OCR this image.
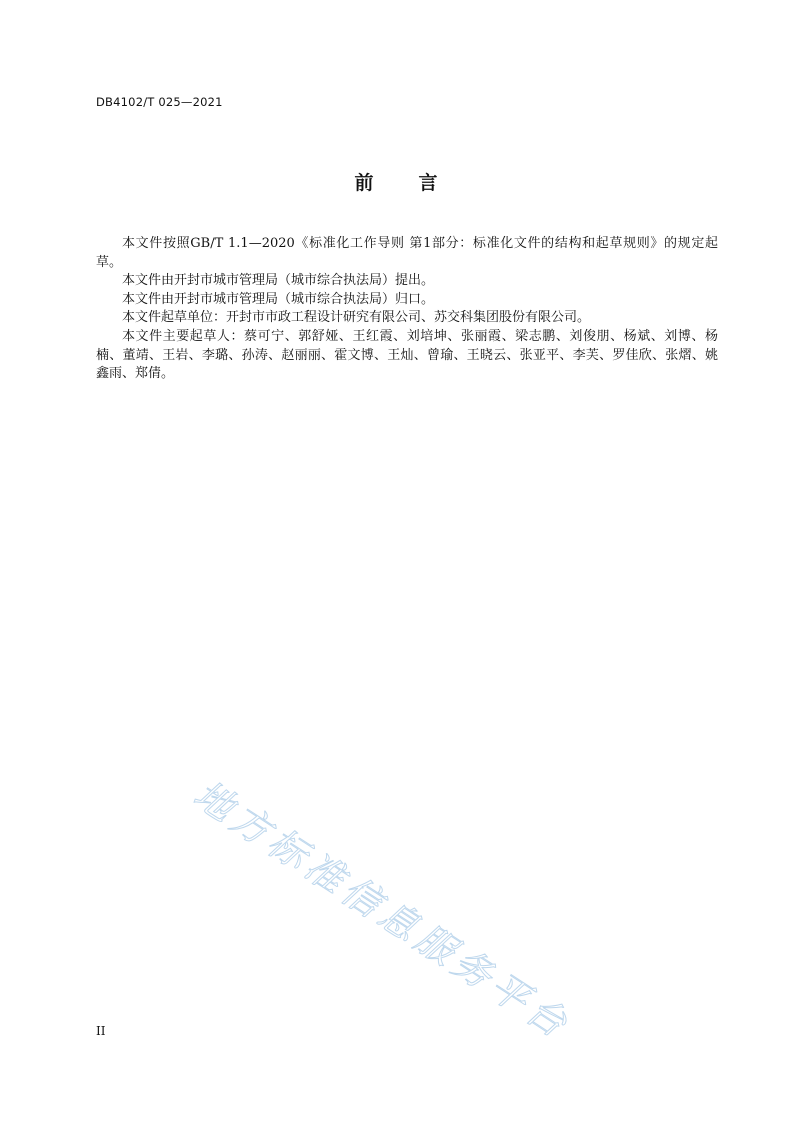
DB4102/T 025—2021
前 言

本文件按照GB/T 1.1—2020《标准化工作导则 第1部分：标准化文件的结构和起草规则》的规定起草。

本文件由开封市城市管理局（城市综合执法局）提出。

本文件由开封市城市管理局（城市综合执法局）归口。

本文件起草单位：开封市市政工程设计研究有限公司、苏交科集团股份有限公司。

本文件主要起草人：蔡可宁、郭舒娅、王红霞、刘培坤、张丽霞、梁志鹏、刘俊朋、杨斌、刘博、杨楠、董靖、王岩、李璐、孙涛、赵丽丽、霍文博、王灿、曾瑜、王晓云、张亚平、李芙、罗佳欣、张熠、姚鑫雨、郑倩。

地方标准信息服务平台
II
